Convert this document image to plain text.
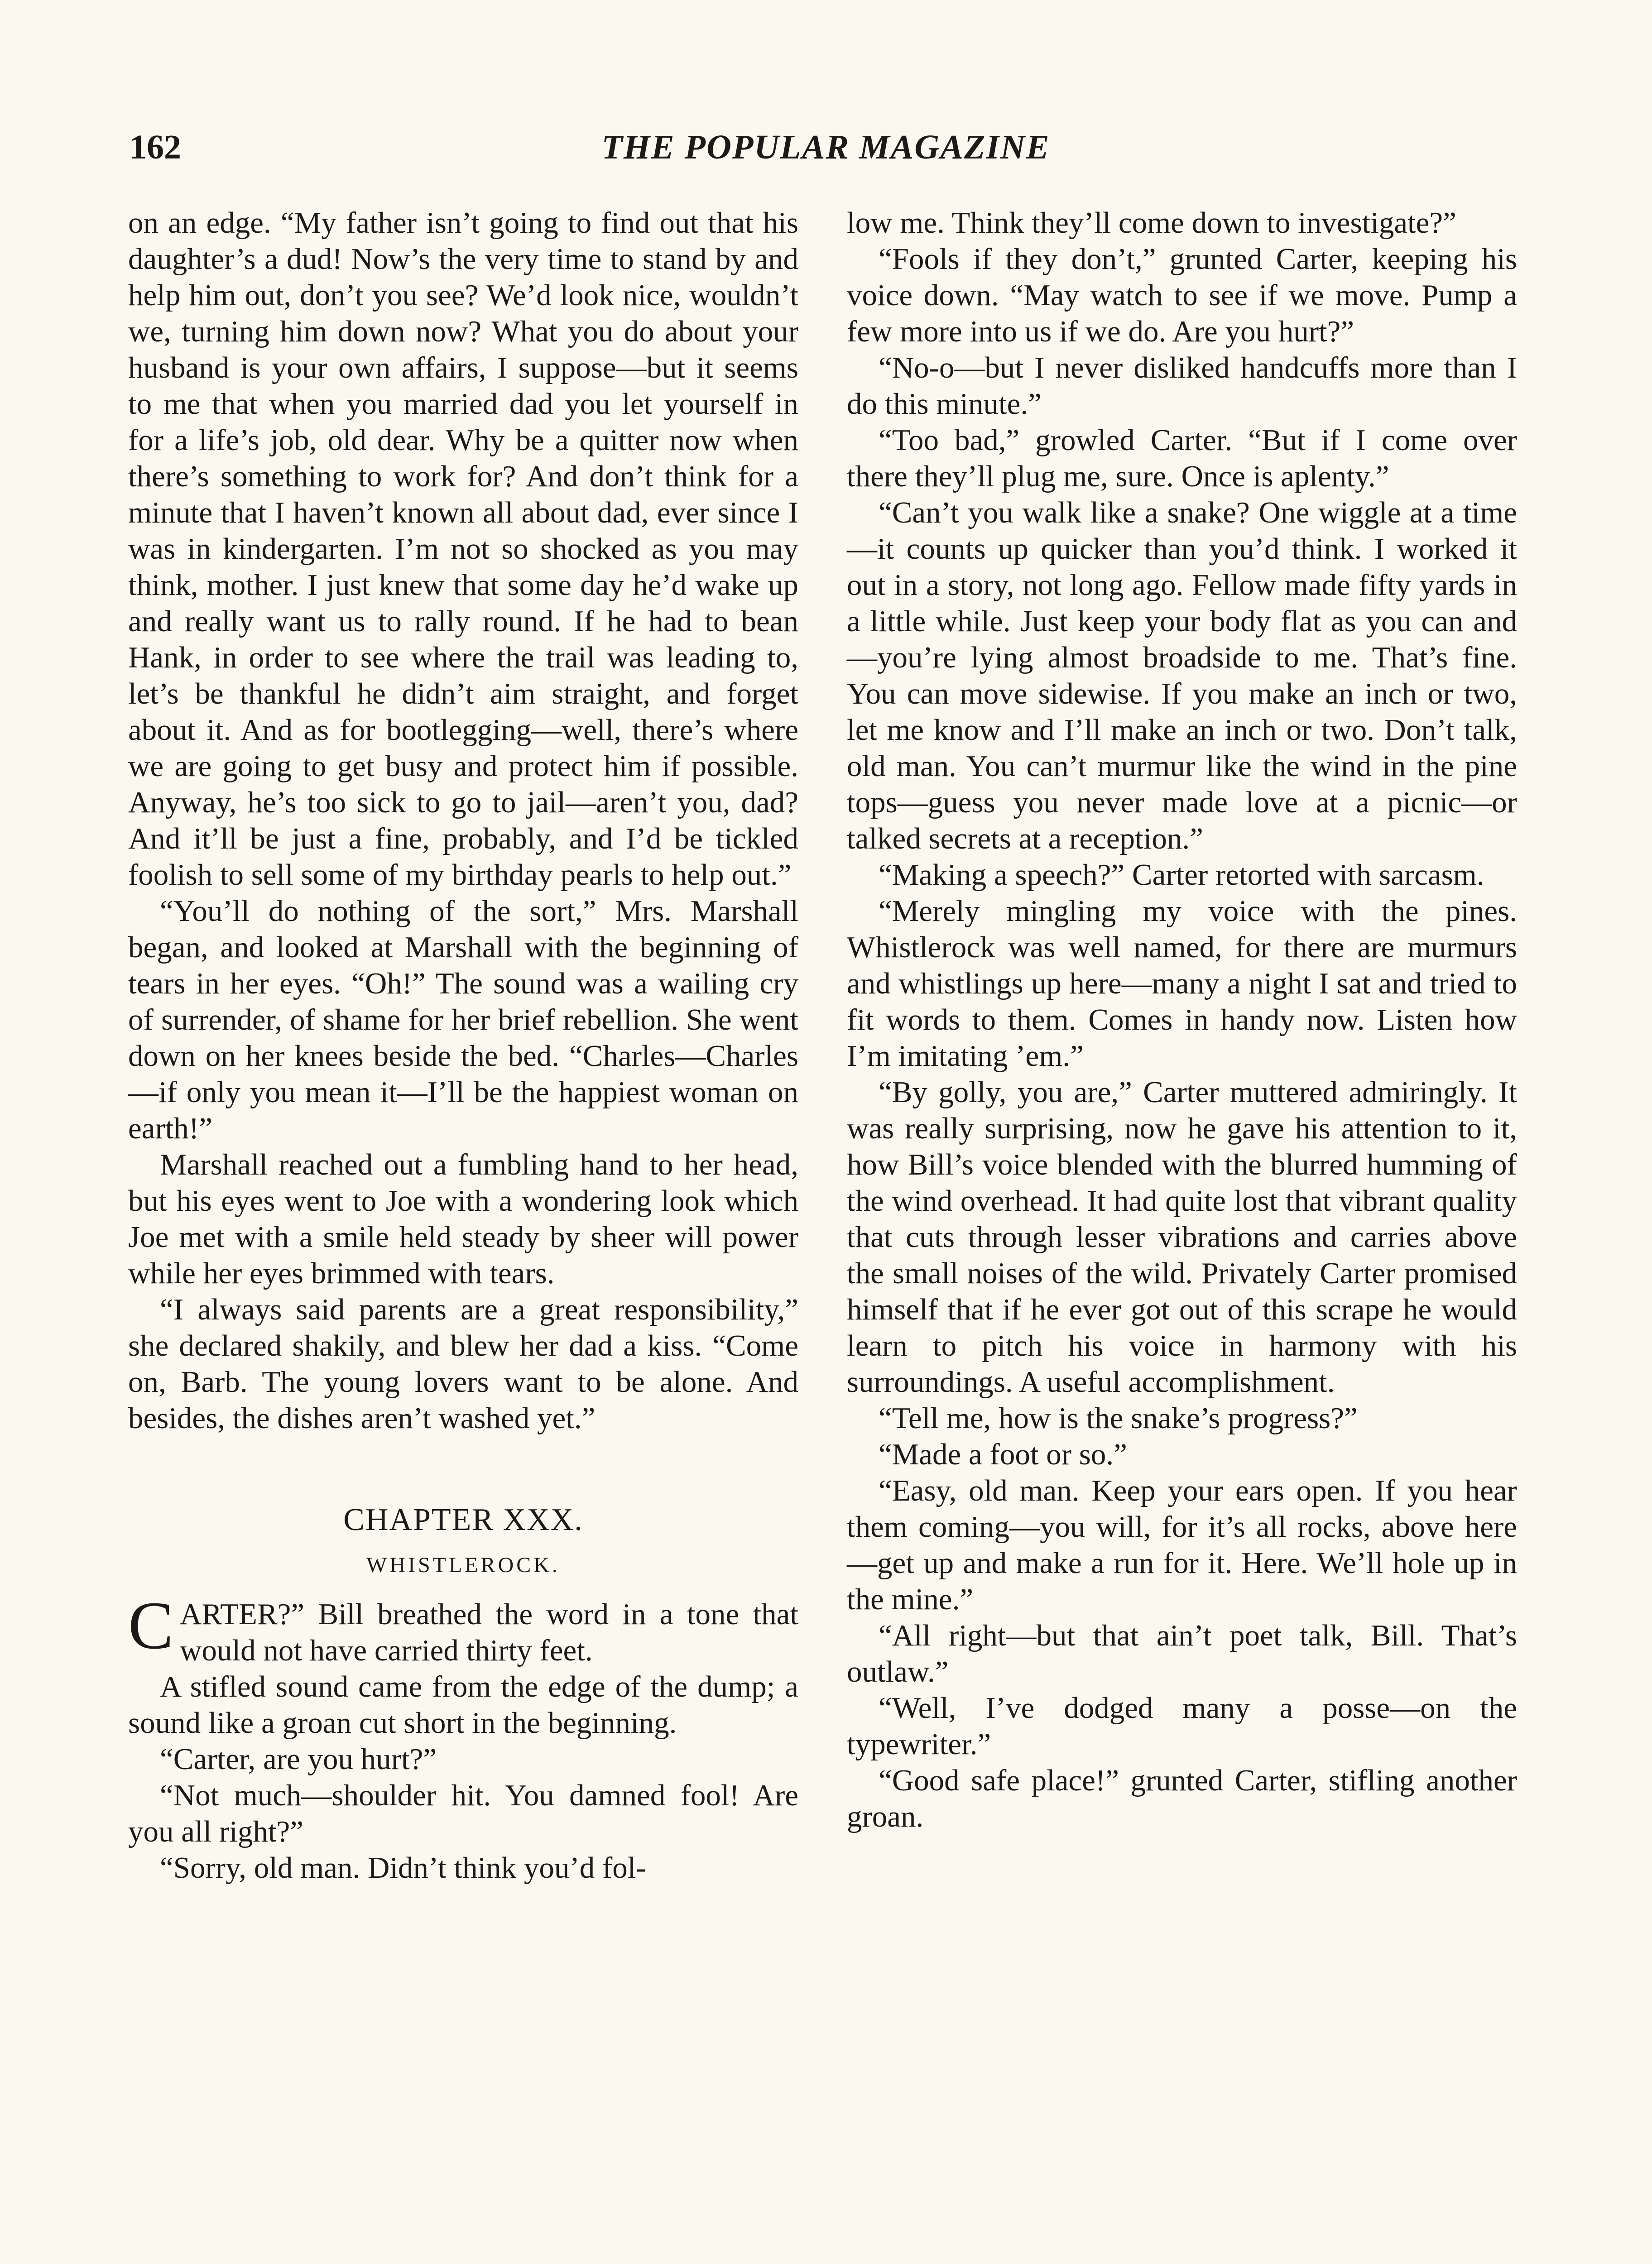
162	THE POPULAR MAGAZINE

on an edge. “My father isn’t going to find out that his daughter’s a dud! Now’s the very time to stand by and help him out, don’t you see? We’d look nice, wouldn’t we, turning him down now? What you do about your husband is your own affairs, I suppose—but it seems to me that when you married dad you let yourself in for a life’s job, old dear. Why be a quitter now when there’s something to work for? And don’t think for a minute that I haven’t known all about dad, ever since I was in kindergarten. I’m not so shocked as you may think, mother. I just knew that some day he’d wake up and really want us to rally round. If he had to bean Hank, in order to see where the trail was leading to, let’s be thankful he didn’t aim straight, and forget about it. And as for bootlegging—well, there’s where we are going to get busy and protect him if possible. Anyway, he’s too sick to go to jail—aren’t you, dad? And it’ll be just a fine, probably, and I’d be tickled foolish to sell some of my birthday pearls to help out.”

“You’ll do nothing of the sort,” Mrs. Marshall began, and looked at Marshall with the beginning of tears in her eyes. “Oh!” The sound was a wailing cry of surrender, of shame for her brief rebellion. She went down on her knees beside the bed. “Charles—Charles—if only you mean it—I’ll be the happiest woman on earth!”

Marshall reached out a fumbling hand to her head, but his eyes went to Joe with a wondering look which Joe met with a smile held steady by sheer will power while her eyes brimmed with tears.

“I always said parents are a great responsibility,” she declared shakily, and blew her dad a kiss. “Come on, Barb. The young lovers want to be alone. And besides, the dishes aren’t washed yet.”

CHAPTER XXX.
WHISTLEROCK.

CARTER?” Bill breathed the word in a tone that would not have carried thirty feet.

A stifled sound came from the edge of the dump; a sound like a groan cut short in the beginning.

“Carter, are you hurt?”

“Not much—shoulder hit. You damned fool! Are you all right?”

“Sorry, old man. Didn’t think you’d fol-

low me. Think they’ll come down to investigate?”

“Fools if they don’t,” grunted Carter, keeping his voice down. “May watch to see if we move. Pump a few more into us if we do. Are you hurt?”

“No-o—but I never disliked handcuffs more than I do this minute.”

“Too bad,” growled Carter. “But if I come over there they’ll plug me, sure. Once is aplenty.”

“Can’t you walk like a snake? One wiggle at a time—it counts up quicker than you’d think. I worked it out in a story, not long ago. Fellow made fifty yards in a little while. Just keep your body flat as you can and—you’re lying almost broadside to me. That’s fine. You can move sidewise. If you make an inch or two, let me know and I’ll make an inch or two. Don’t talk, old man. You can’t murmur like the wind in the pine tops—guess you never made love at a picnic—or talked secrets at a reception.”

“Making a speech?” Carter retorted with sarcasm.

“Merely mingling my voice with the pines. Whistlerock was well named, for there are murmurs and whistlings up here—many a night I sat and tried to fit words to them. Comes in handy now. Listen how I’m imitating ’em.”

“By golly, you are,” Carter muttered admiringly. It was really surprising, now he gave his attention to it, how Bill’s voice blended with the blurred humming of the wind overhead. It had quite lost that vibrant quality that cuts through lesser vibrations and carries above the small noises of the wild. Privately Carter promised himself that if he ever got out of this scrape he would learn to pitch his voice in harmony with his surroundings. A useful accomplishment.

“Tell me, how is the snake’s progress?”

“Made a foot or so.”

“Easy, old man. Keep your ears open. If you hear them coming—you will, for it’s all rocks, above here—get up and make a run for it. Here. We’ll hole up in the mine.”

“All right—but that ain’t poet talk, Bill. That’s outlaw.”

“Well, I’ve dodged many a posse—on the typewriter.”

“Good safe place!” grunted Carter, stifling another groan.
